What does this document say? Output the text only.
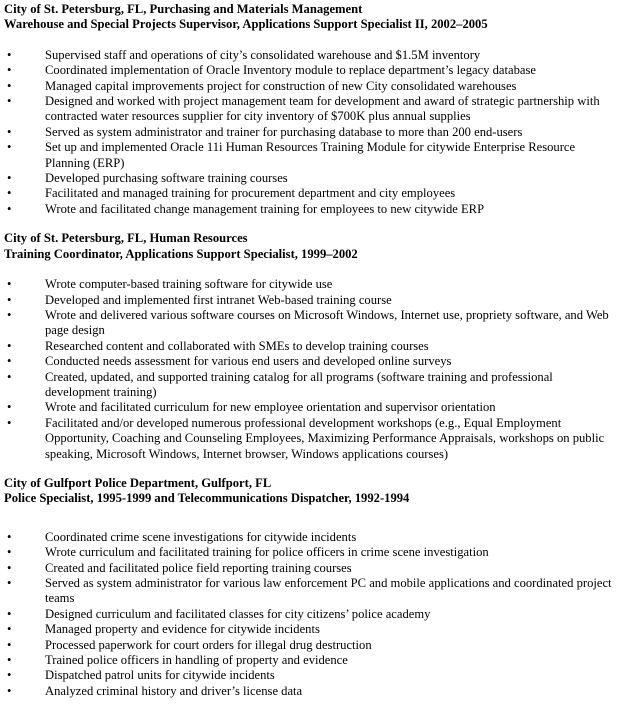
City of St. Petersburg, FL, Purchasing and Materials Management
Warehouse and Special Projects Supervisor, Applications Support Specialist II, 2002–2005
•	Supervised staff and operations of city’s consolidated warehouse and $1.5M inventory
•	Coordinated implementation of Oracle Inventory module to replace department’s legacy database
•	Managed capital improvements project for construction of new City consolidated warehouses
•	Designed and worked with project management team for development and award of strategic partnership with contracted water resources supplier for city inventory of $700K plus annual supplies
•	Served as system administrator and trainer for purchasing database to more than 200 end-users
•	Set up and implemented Oracle 11i Human Resources Training Module for citywide Enterprise Resource Planning (ERP)
•	Developed purchasing software training courses
•	Facilitated and managed training for procurement department and city employees
•	Wrote and facilitated change management training for employees to new citywide ERP
City of St. Petersburg, FL, Human Resources
Training Coordinator, Applications Support Specialist, 1999–2002
•	Wrote computer-based training software for citywide use
•	Developed and implemented first intranet Web-based training course
•	Wrote and delivered various software courses on Microsoft Windows, Internet use, propriety software, and Web page design
•	Researched content and collaborated with SMEs to develop training courses
•	Conducted needs assessment for various end users and developed online surveys
•	Created, updated, and supported training catalog for all programs (software training and professional development training)
•	Wrote and facilitated curriculum for new employee orientation and supervisor orientation
•	Facilitated and/or developed numerous professional development workshops (e.g., Equal Employment Opportunity, Coaching and Counseling Employees, Maximizing Performance Appraisals, workshops on public speaking, Microsoft Windows, Internet browser, Windows applications courses)
City of Gulfport Police Department, Gulfport, FL
Police Specialist, 1995-1999 and Telecommunications Dispatcher, 1992-1994
•	Coordinated crime scene investigations for citywide incidents
•	Wrote curriculum and facilitated training for police officers in crime scene investigation
•	Created and facilitated police field reporting training courses
•	Served as system administrator for various law enforcement PC and mobile applications and coordinated project teams
•	Designed curriculum and facilitated classes for city citizens’ police academy
•	Managed property and evidence for citywide incidents
•	Processed paperwork for court orders for illegal drug destruction
•	Trained police officers in handling of property and evidence
•	Dispatched patrol units for citywide incidents
•	Analyzed criminal history and driver’s license data
